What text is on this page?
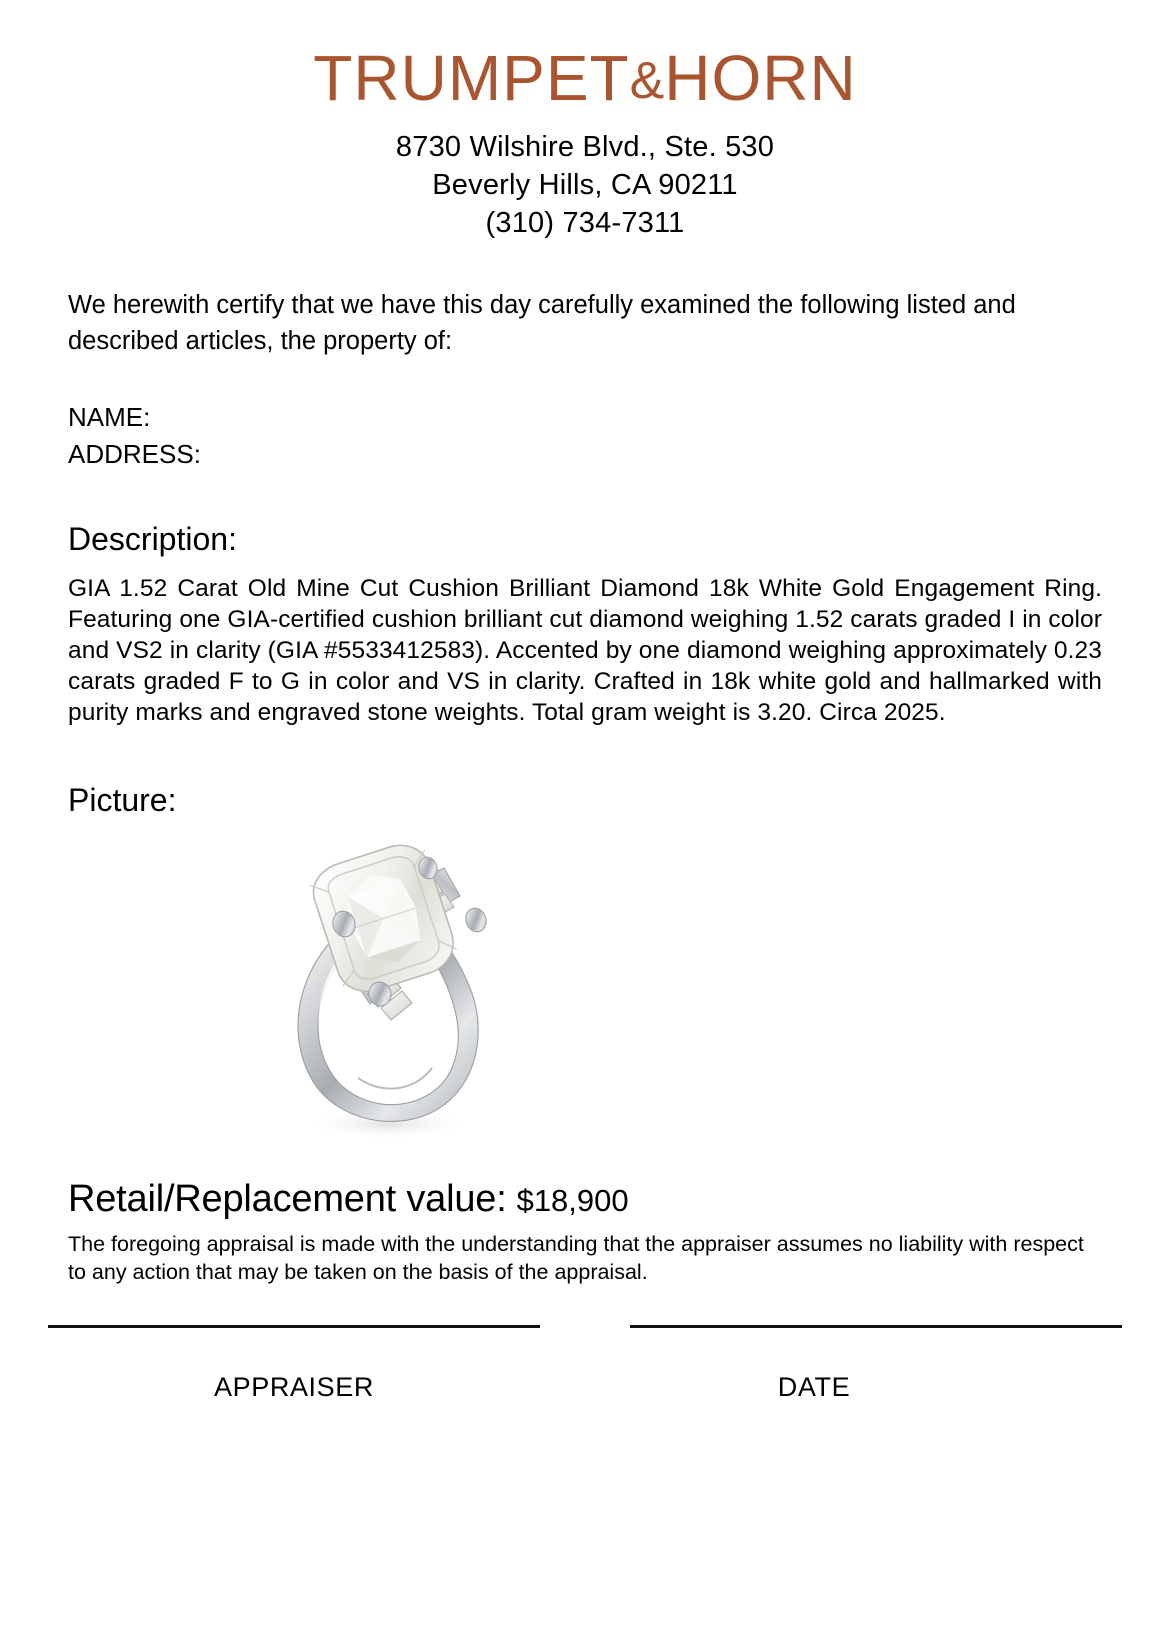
TRUMPET&HORN
8730 Wilshire Blvd., Ste. 530
Beverly Hills, CA 90211
(310) 734-7311
We herewith certify that we have this day carefully examined the following listed and described articles, the property of:
NAME:
ADDRESS:
Description:
GIA 1.52 Carat Old Mine Cut Cushion Brilliant Diamond 18k White Gold Engagement Ring. Featuring one GIA-certified cushion brilliant cut diamond weighing 1.52 carats graded I in color and VS2 in clarity (GIA #5533412583). Accented by one diamond weighing approximately 0.23 carats graded F to G in color and VS in clarity. Crafted in 18k white gold and hallmarked with purity marks and engraved stone weights. Total gram weight is 3.20. Circa 2025.
Picture:
Retail/Replacement value: $18,900
The foregoing appraisal is made with the understanding that the appraiser assumes no liability with respect to any action that may be taken on the basis of the appraisal.
APPRAISER	DATE
